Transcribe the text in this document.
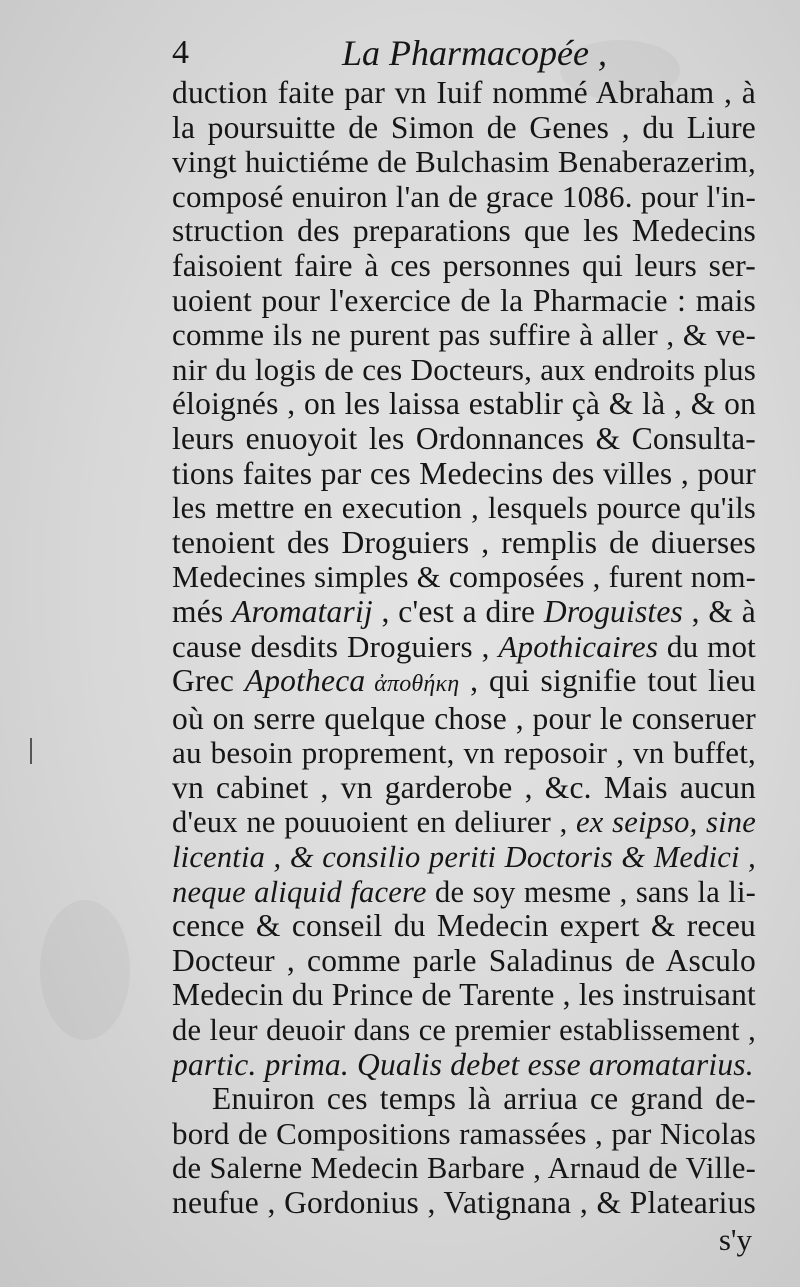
4	La Pharmacopée ,
duction faite par vn Iuif nommé Abraham , à
la poursuitte de Simon de Genes , du Liure
vingt huictiéme de Bulchasim Benaberazerim,
composé enuiron l'an de grace 1086. pour l'in-
struction des preparations que les Medecins
faisoient faire à ces personnes qui leurs ser-
uoient pour l'exercice de la Pharmacie : mais
comme ils ne purent pas suffire à aller , & ve-
nir du logis de ces Docteurs, aux endroits plus
éloignés , on les laissa establir çà & là , & on
leurs enuoyoit les Ordonnances & Consulta-
tions faites par ces Medecins des villes , pour
les mettre en execution , lesquels pource qu'ils
tenoient des Droguiers , remplis de diuerses
Medecines simples & composées , furent nom-
més Aromatarij , c'est a dire Droguistes , & à
cause desdits Droguiers , Apothicaires du mot
Grec Apotheca ἀποθήκη , qui signifie tout lieu
où on serre quelque chose , pour le conseruer
au besoin proprement, vn reposoir , vn buffet,
vn cabinet , vn garderobe , &c. Mais aucun
d'eux ne pouuoient en deliurer , ex seipso, sine
licentia , & consilio periti Doctoris & Medici ,
neque aliquid facere de soy mesme , sans la li-
cence & conseil du Medecin expert & receu
Docteur , comme parle Saladinus de Asculo
Medecin du Prince de Tarente , les instruisant
de leur deuoir dans ce premier establissement ,
partic. prima. Qualis debet esse aromatarius.
Enuiron ces temps là arriua ce grand de-
bord de Compositions ramassées , par Nicolas
de Salerne Medecin Barbare , Arnaud de Ville-
neufue , Gordonius , Vatignana , & Platearius
s'y
